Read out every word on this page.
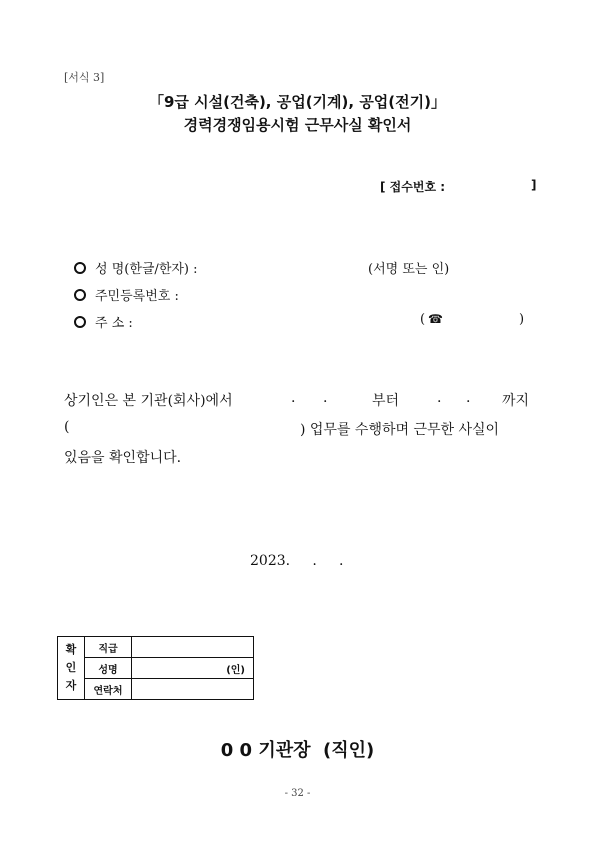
[서식 3]
「9급 시설(건축), 공업(기계), 공업(전기)」
경력경쟁임용시험 근무사실 확인서
[ 접수번호 :	]
성 명(한글/한자) :	(서명 또는 인)
주민등록번호 :
주 소 :	( ☎	)
상기인은 본 기관(회사)에서	. .	부터	. . 까지
(	) 업무를 수행하며 근무한 사실이
있음을 확인합니다.
2023.     .     .
확
인
자	직급	
	성명	(인)
	연락처	
0 0 기관장  (직인)
- 32 -
